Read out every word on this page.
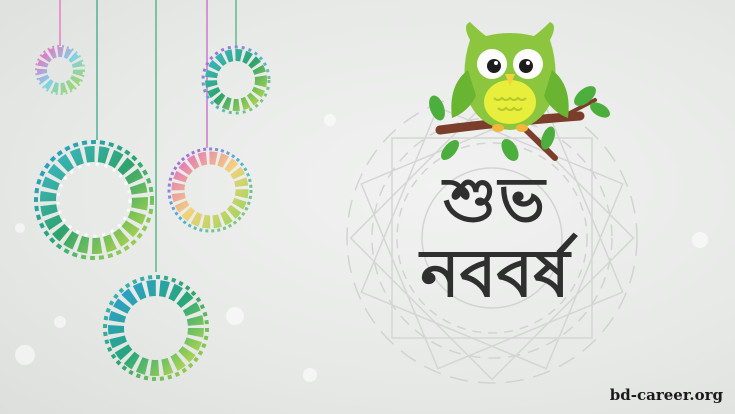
শুভ
নববর্ষ
bd-career.org
